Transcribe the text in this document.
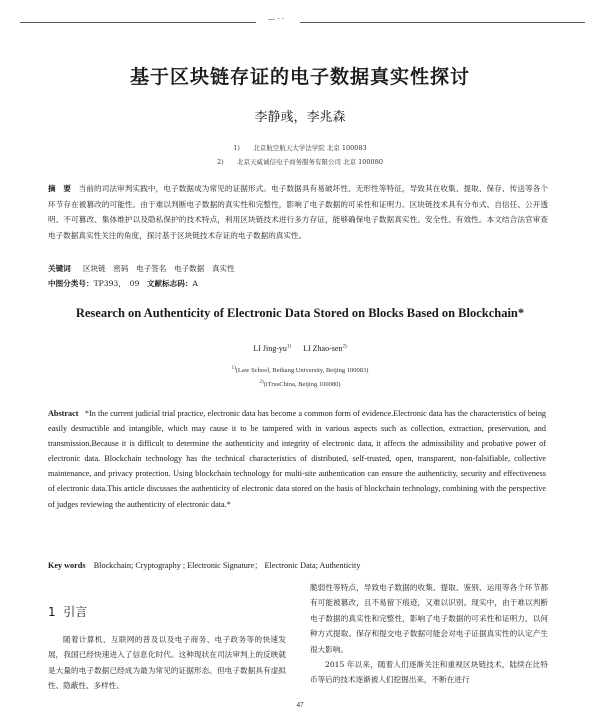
— · ·
基于区块链存证的电子数据真实性探讨
李静彧，李兆森
1) 北京航空航天大学法学院 北京 100083
2) 北京天威诚信电子商务服务有限公司 北京 100080
摘　要 当前的司法审判实践中，电子数据成为常见的证据形式。电子数据具有易破坏性、无形性等特征，导致其在收集、提取、保存、传送等各个环节存在被篡改的可能性。由于难以判断电子数据的真实性和完整性，影响了电子数据的可采性和证明力。区块链技术具有分布式、自信任、公开透明、不可篡改、集体维护以及隐私保护的技术特点，利用区块链技术进行多方存证，能够确保电子数据真实性、安全性、有效性。本文结合法官审查电子数据真实性关注的角度，探讨基于区块链技术存证的电子数据的真实性。
关键词 区块链　密码　电子签名　电子数据　真实性
中图分类号：TP393，　09　文献标志码：A
Research on Authenticity of Electronic Data Stored on Blocks Based on Blockchain*
LI Jing-$yu^{1)}$ LI Zhao-sen$^{2)}$
$^{1)}$(Law School, Beihang University, Beijing 100083)
$^{2)}$(iTrusChina, Beijing 100080)
Abstract *In the current judicial trial practice, electronic data has become a common form of evidence.Electronic data has the characteristics of being easily destructible and intangible, which may cause it to be tampered with in various aspects such as collection, extraction, preservation, and transmission.Because it is difficult to determine the authenticity and integrity of electronic data, it affects the admissibility and probative power of electronic data. Blockchain technology has the technical characteristics of distributed, self-trusted, open, transparent, non-falsifiable, collective maintenance, and privacy protection. Using blockchain technology for multi-site authentication can ensure the authenticity, security and effectiveness of electronic data.This article discusses the authenticity of electronic data stored on the basis of blockchain technology, combining with the perspective of judges reviewing the authenticity of electronic data.*
Key words Blockchain; Cryptography ; Electronic Signature； Electronic Data; Authenticity
1 引言
随着计算机、互联网的普及以及电子商务、电子政务等的快速发展，我国已经快速进入了信息化时代。这种现状在司法审判上的反映就是大量的电子数据已经成为最为常见的证据形态。但电子数据具有虚拟性、隐蔽性、多样性、
脆弱性等特点，导致电子数据的收集、提取、鉴别、运用等各个环节都有可能被篡改，且不易留下痕迹，又难以识别。现实中，由于难以判断电子数据的真实性和完整性，影响了电子数据的可采性和证明力，以何种方式提取、保存和提交电子数据可能会对电子证据真实性的认定产生很大影响。
2015 年以来，随着人们逐渐关注和重视区块链技术，陆续在比特币等后的技术逐渐被人们挖掘出来，不断在进行
47
